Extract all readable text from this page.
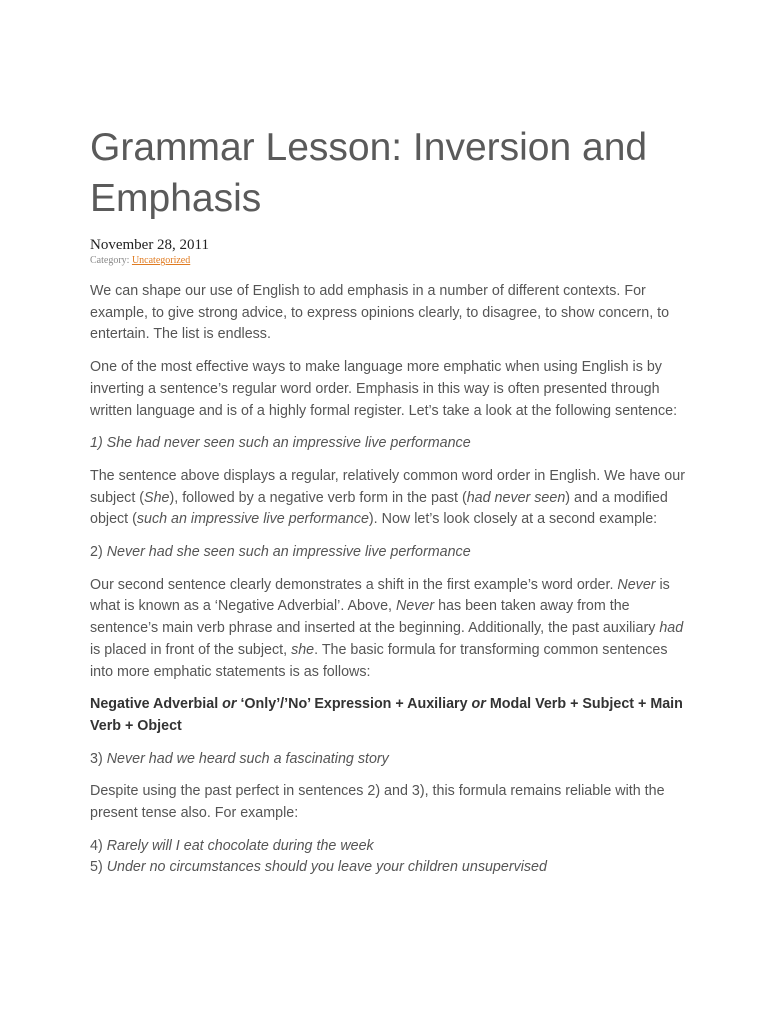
Grammar Lesson: Inversion and Emphasis
November 28, 2011
Category: Uncategorized

We can shape our use of English to add emphasis in a number of different contexts. For example, to give strong advice, to express opinions clearly, to disagree, to show concern, to entertain. The list is endless.

One of the most effective ways to make language more emphatic when using English is by inverting a sentence’s regular word order. Emphasis in this way is often presented through written language and is of a highly formal register. Let’s take a look at the following sentence:

1) She had never seen such an impressive live performance

The sentence above displays a regular, relatively common word order in English. We have our subject (She), followed by a negative verb form in the past (had never seen) and a modified object (such an impressive live performance). Now let’s look closely at a second example:

2) Never had she seen such an impressive live performance

Our second sentence clearly demonstrates a shift in the first example’s word order. Never is what is known as a ‘Negative Adverbial’. Above, Never has been taken away from the sentence’s main verb phrase and inserted at the beginning. Additionally, the past auxiliary had is placed in front of the subject, she. The basic formula for transforming common sentences into more emphatic statements is as follows:

Negative Adverbial or ‘Only’/’No’ Expression + Auxiliary or Modal Verb + Subject + Main Verb + Object

3) Never had we heard such a fascinating story

Despite using the past perfect in sentences 2) and 3), this formula remains reliable with the present tense also. For example:

4) Rarely will I eat chocolate during the week
5) Under no circumstances should you leave your children unsupervised
